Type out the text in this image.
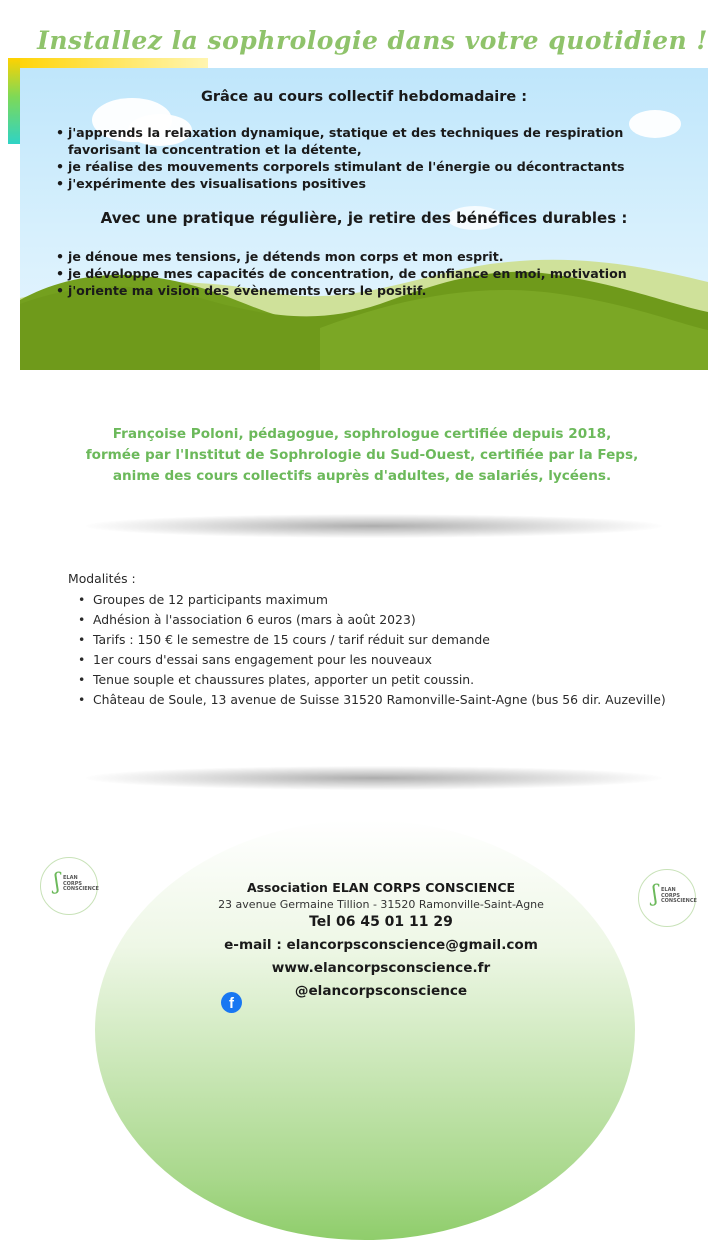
Installez la sophrologie dans votre quotidien !
Grâce au cours collectif hebdomadaire :
• j'apprends la relaxation dynamique, statique et des techniques de respiration favorisant la concentration et la détente,
• je réalise des mouvements corporels stimulant de l'énergie ou décontractants
• j'expérimente des visualisations positives
Avec une pratique régulière, je retire des bénéfices durables :
• je dénoue mes tensions, je détends mon corps et mon esprit.
• je développe mes capacités de concentration, de confiance en moi, motivation
• j'oriente ma vision des évènements vers le positif.
Françoise Poloni, pédagogue, sophrologue certifiée depuis 2018,
formée par l'Institut de Sophrologie du Sud-Ouest, certifiée par la Feps,
anime des cours collectifs auprès d'adultes, de salariés, lycéens.
Modalités :
• Groupes de 12 participants maximum
• Adhésion à l'association 6 euros (mars à août 2023)
• Tarifs : 150 € le semestre de 15 cours / tarif réduit sur demande
• 1er cours d'essai sans engagement pour les nouveaux
• Tenue souple et chaussures plates, apporter un petit coussin.
• Château de Soule, 13 avenue de Suisse 31520 Ramonville-Saint-Agne (bus 56 dir. Auzeville)
ʃ ELAN
CORPS
CONSCIENCE	ʃ ELAN
CORPS
CONSCIENCE
Association ELAN CORPS CONSCIENCE
23 avenue Germaine Tillion - 31520 Ramonville-Saint-Agne
Tel 06 45 01 11 29
e-mail : elancorpsconscience@gmail.com
www.elancorpsconscience.fr
@elancorpsconscience
f
